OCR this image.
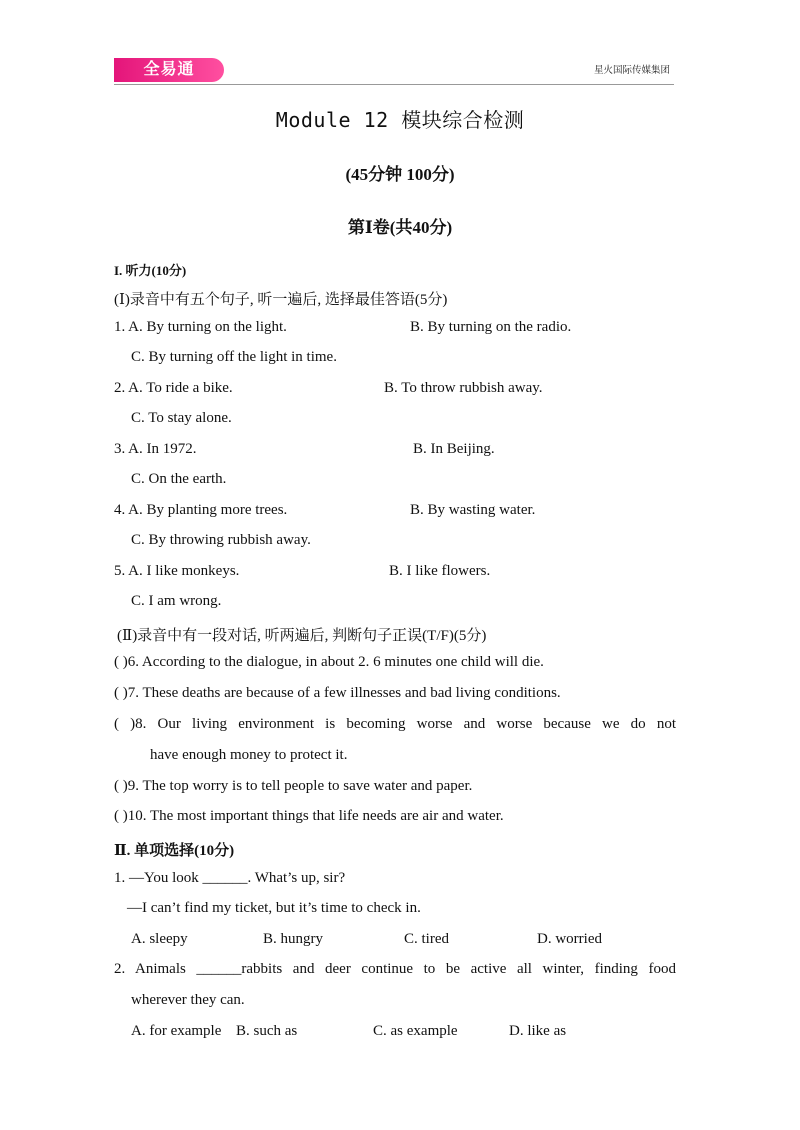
全易通	星火国际传媒集团
Module 12 模块综合检测
(45分钟 100分)
第Ⅰ卷(共40分)
I. 听力(10分)
(Ⅰ)录音中有五个句子, 听一遍后, 选择最佳答语(5分)
1. A. By turning on the light.	B. By turning on the radio.
C. By turning off the light in time.
2. A. To ride a bike.	B. To throw rubbish away.
C. To stay alone.
3. A. In 1972.	B. In Beijing.
C. On the earth.
4. A. By planting more trees.	B. By wasting water.
C. By throwing rubbish away.
5. A. I like monkeys.	B. I like flowers.
C. I am wrong.
(Ⅱ)录音中有一段对话, 听两遍后, 判断句子正误(T/F)(5分)
( )6. According to the dialogue, in about 2. 6 minutes one child will die.
( )7. These deaths are because of a few illnesses and bad living conditions.
( )8. Our living environment is becoming worse and worse because we do not
have enough money to protect it.
( )9. The top worry is to tell people to save water and paper.
( )10. The most important things that life needs are air and water.
Ⅱ. 单项选择(10分)
1. —You look ______. What’s up, sir?
—I can’t find my ticket, but it’s time to check in.
A. sleepy	B. hungry	C. tired	D. worried
2. Animals ______rabbits and deer continue to be active all winter, finding food
wherever they can.
A. for example B. such as	C. as example	D. like as
